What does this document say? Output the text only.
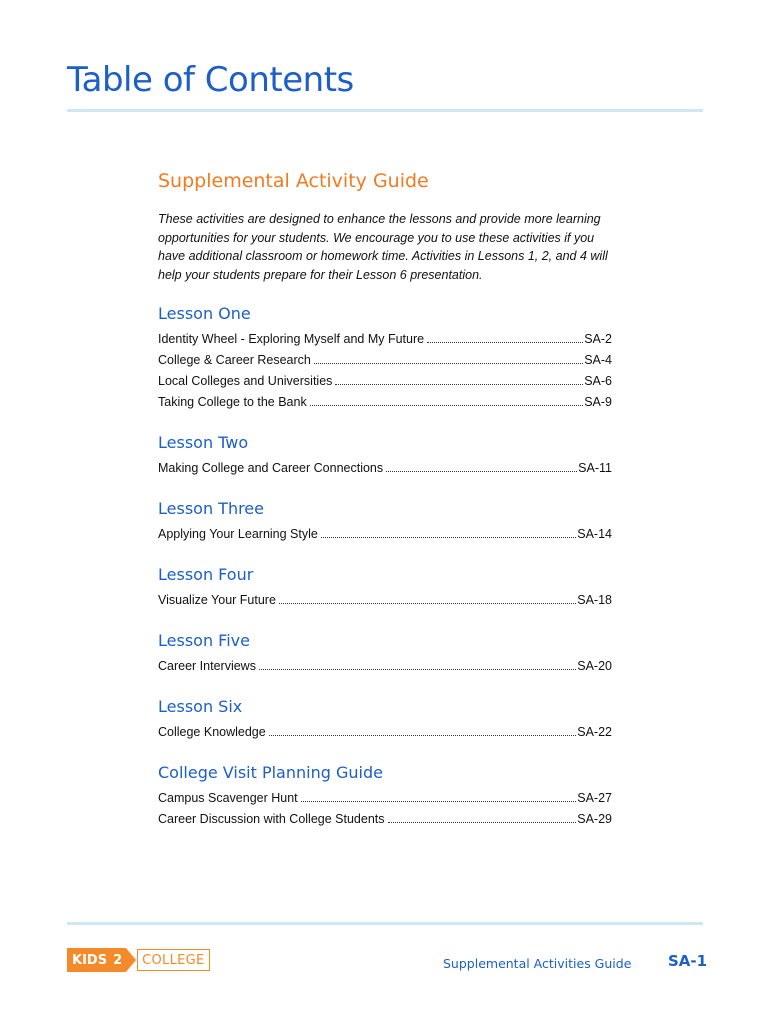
Table of Contents
Supplemental Activity Guide

These activities are designed to enhance the lessons and provide more learning opportunities for your students. We encourage you to use these activities if you have additional classroom or homework time. Activities in Lessons 1, 2, and 4 will help your students prepare for their Lesson 6 presentation.

Lesson One
Identity Wheel - Exploring Myself and My Future	SA-2
College & Career Research	SA-4
Local Colleges and Universities	SA-6
Taking College to the Bank	SA-9
Lesson Two
Making College and Career Connections	SA-11
Lesson Three
Applying Your Learning Style	SA-14
Lesson Four
Visualize Your Future	SA-18
Lesson Five
Career Interviews	SA-20
Lesson Six
College Knowledge	SA-22
College Visit Planning Guide
Campus Scavenger Hunt	SA-27
Career Discussion with College Students	SA-29
KIDS 2	COLLEGE	Supplemental Activities Guide SA-1
